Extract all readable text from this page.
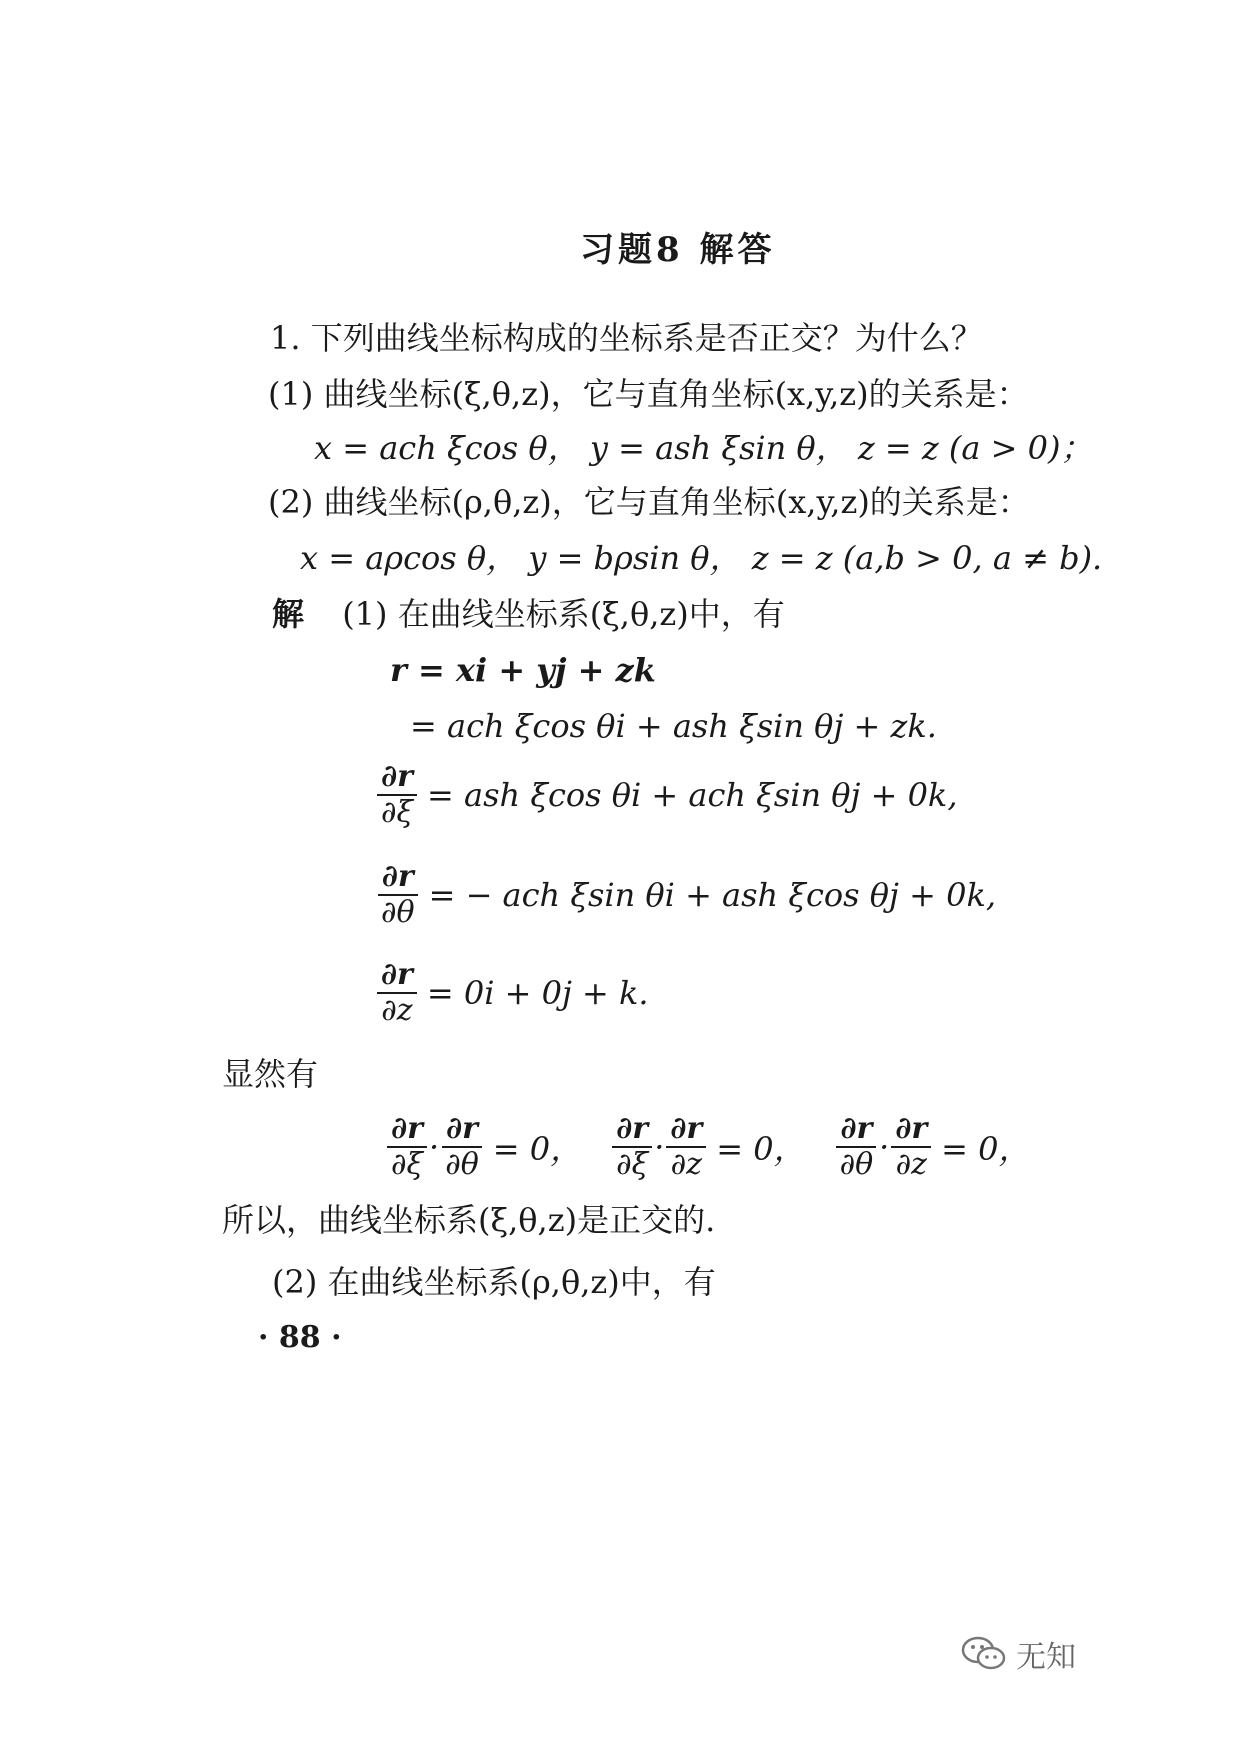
习题8 解答
1. 下列曲线坐标构成的坐标系是否正交？为什么？
(1) 曲线坐标(ξ,θ,z)，它与直角坐标(x,y,z)的关系是：
x = ach ξcos θ， y = ash ξsin θ， z = z (a > 0)；
(2) 曲线坐标(ρ,θ,z)，它与直角坐标(x,y,z)的关系是：
x = aρcos θ， y = bρsin θ， z = z (a,b > 0, a ≠ b).
解 (1) 在曲线坐标系(ξ,θ,z)中，有
r = xi + yj + zk
= ach ξcos θi + ash ξsin θj + zk.
$\frac{\partial r}{\partial\xi}$ = ash ξcos θi + ach ξsin θj + 0k,
$\frac{\partial r}{\partial\theta}$ = − ach ξsin θi + ash ξcos θj + 0k,
$\frac{\partial r}{\partial z} = 0i + 0j + k$.
显然有
$\frac{\partial r}{\partial\xi} \cdot \frac{\partial r}{\partial\theta} = 0$， $\frac{\partial r}{\partial\xi} \cdot \frac{\partial r}{\partial z} = 0$， $\frac{\partial r}{\partial\theta} \cdot \frac{\partial r}{\partial z} = 0$，
所以，曲线坐标系(ξ,θ,z)是正交的.
(2) 在曲线坐标系(ρ,θ,z)中，有
· 88 ·
无知
